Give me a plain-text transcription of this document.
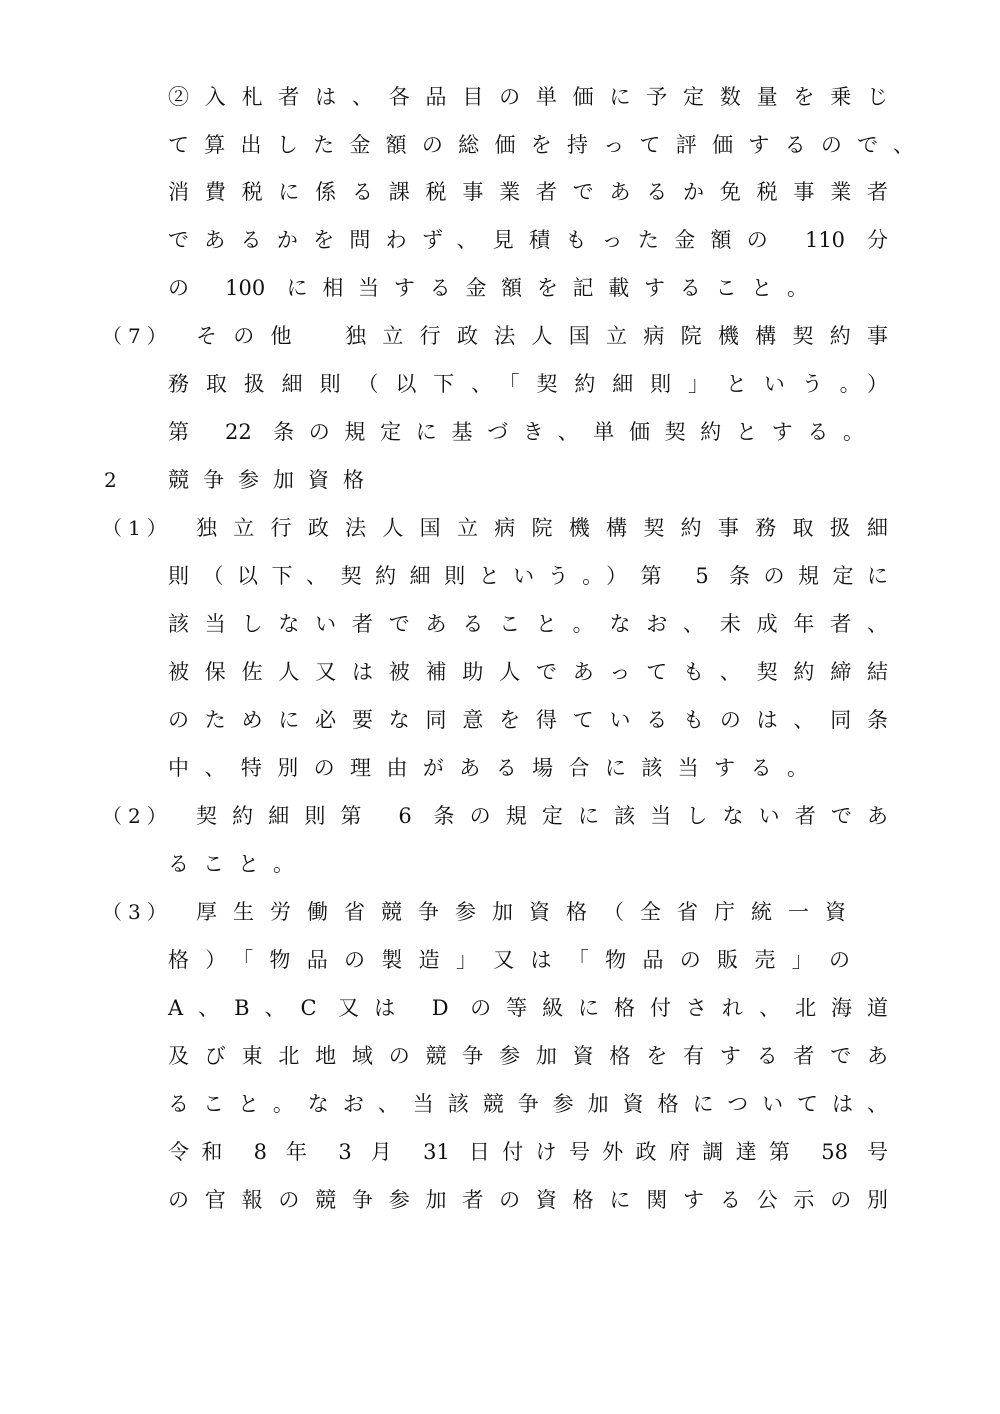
②入札者は、各品目の単価に予定数量を乗じ
て算出した金額の総価を持って評価するので、
消費税に係る課税事業者であるか免税事業者
であるかを問わず、見積もった金額の 110 分
の 100 に相当する金額を記載すること。
（7） その他　独立行政法人国立病院機構契約事
務取扱細則（以下、「契約細則」という。）
第 22 条の規定に基づき、単価契約とする。
2 競争参加資格
（1） 独立行政法人国立病院機構契約事務取扱細
則（以下、契約細則という。）第 5 条の規定に
該当しない者であること。なお、未成年者、
被保佐人又は被補助人であっても、契約締結
のために必要な同意を得ているものは、同条
中、特別の理由がある場合に該当する。
（2） 契約細則第 6 条の規定に該当しない者であ
ること。
（3） 厚生労働省競争参加資格（全省庁統一資
格）「物品の製造」又は「物品の販売」の
A、B、C 又は D の等級に格付され、北海道
及び東北地域の競争参加資格を有する者であ
ること。なお、当該競争参加資格については、
令和 8 年 3 月 31 日付け号外政府調達第 58 号
の官報の競争参加者の資格に関する公示の別
